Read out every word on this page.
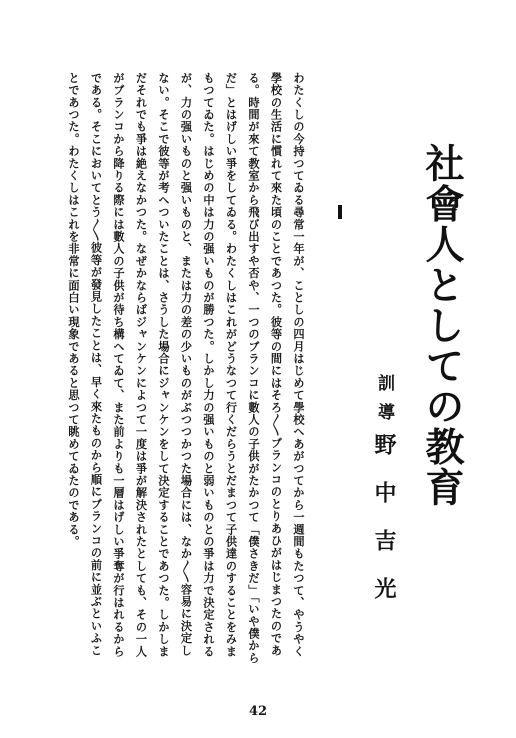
社會人としての教育
訓導
野中吉光

わたくしの今持つてゐる尋常一年が、ことしの四月はじめて學校へあがつてから一週間もたつて、やうやく學校の生活に慣れて來た頃のことであつた。彼等の間にはそろ〳〵ブランコのとりあひがはじまつたのである。時間が來て教室から飛び出すや否や、一つのブランコに數人の子供がたかつて「僕さきだ」「いや僕からだ」とはげしい爭をしてゐる。わたくしはこれがどうなつて行くだらうとだまつて子供達のすることをみまもつてゐた。はじめの中は力の强いものが勝つた。しかし力の强いものと弱いものとの爭は力で決定されるが、力の强いものと强いものと、または力の差の少いものがぶつつかつた場合には、なか〳〵容易に決定しない。そこで彼等が考へついたことは、さうした場合にジャンケンをして決定することであつた。しかしまだそれでも爭は絶えなかつた。なぜかならばジャンケンによつて一度は爭が解決されたとしても、その一人がブランコから降りる際には數人の子供が待ち構へてゐて、また前よりも一層はげしい爭奪が行はれるからである。そこにおいてとう〳〵彼等が發見したことは、早く來たものから順にブランコの前に並ぶといふことであつた。わたくしはこれを非常に面白い現象であると思つて眺めてゐたのである。

42
